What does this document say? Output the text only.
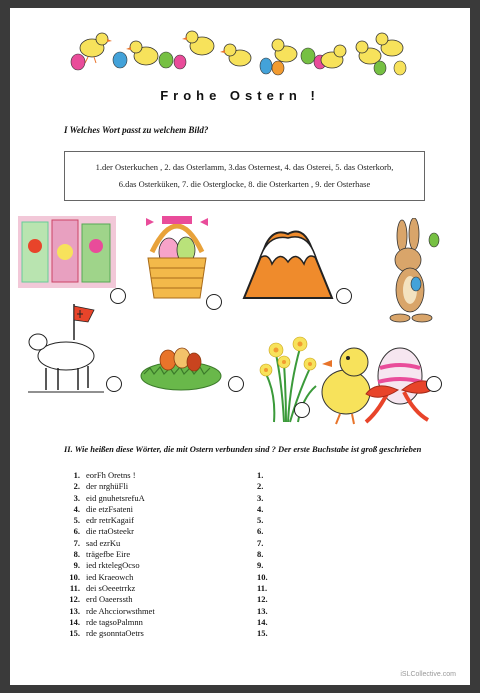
Frohe Ostern !
I Welches Wort passt zu welchem Bild?
1.der Osterkuchen , 2. das Osterlamm, 3.das Osternest, 4. das Osterei, 5. das Osterkorb,
6.das Osterküken, 7. die Osterglocke, 8. die Osterkarten , 9. der Osterhase
II. Wie heißen diese Wörter, die mit Ostern verbunden sind ? Der erste Buchstabe ist groß geschrieben
1. eorFh Oretns !	1.
2. der nrghüFli	2.
3. eid gnuhetsrefuA	3.
4. die etzFsateni	4.
5. edr retrKagaif	5.
6. die rtaOsteekr	6.
7. sad ezrKu	7.
8. trägefbe Eire	8.
9. ied rktelegOcso	9.
10. ied Kraeowch	10.
11. dei sOeeetrrkz	11.
12. erd Oaeerssth	12.
13. rde Ahcciorwsthmet	13.
14. rde tagsoPalmnn	14.
15. rde gsonntaOetrs	15.
iSLCollective.com
